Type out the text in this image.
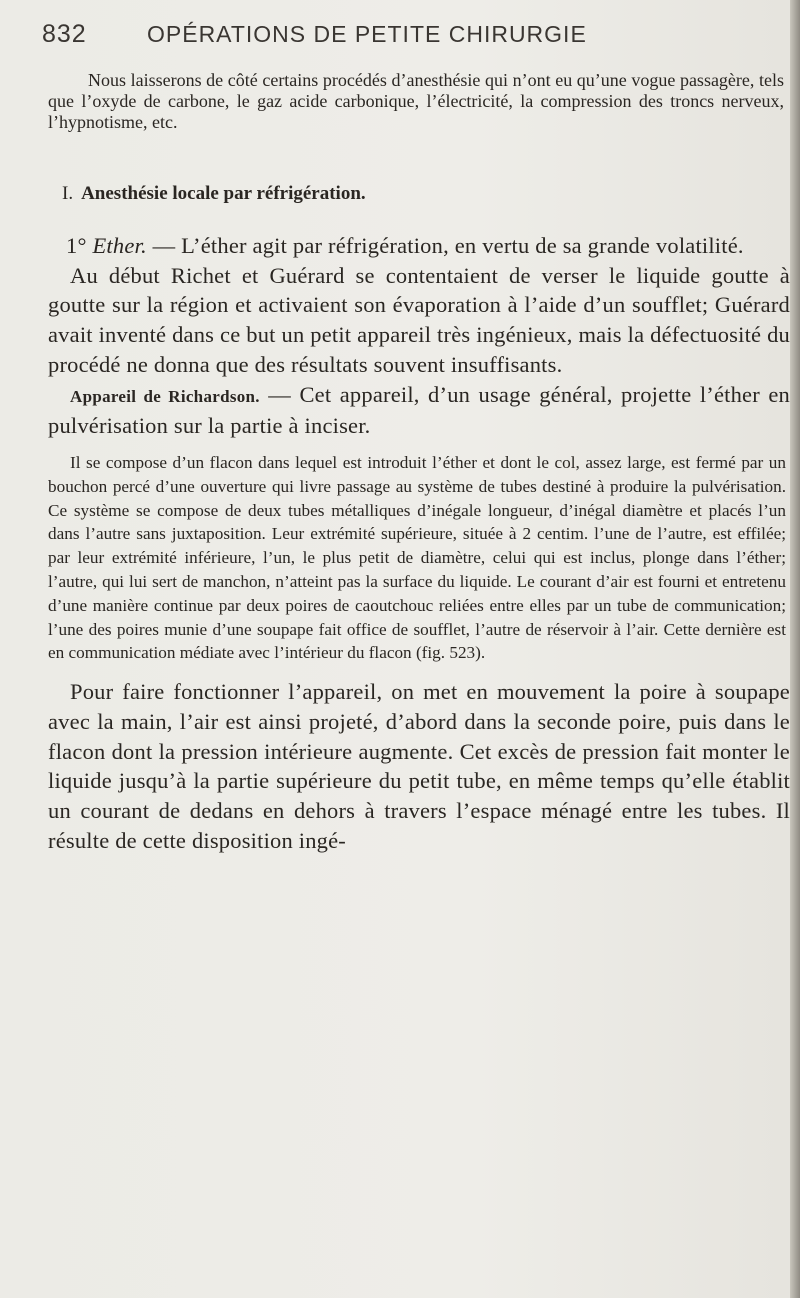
832	OPÉRATIONS DE PETITE CHIRURGIE

Nous laisserons de côté certains procédés d’anesthésie qui n’ont eu qu’une vogue passagère, tels que l’oxyde de carbone, le gaz acide carbonique, l’électricité, la compression des troncs nerveux, l’hypnotisme, etc.

I. Anesthésie locale par réfrigération.

1° Ether. — L’éther agit par réfrigération, en vertu de sa grande volatilité.

Au début Richet et Guérard se contentaient de verser le liquide goutte à goutte sur la région et activaient son évaporation à l’aide d’un soufflet; Guérard avait inventé dans ce but un petit appareil très ingénieux, mais la défectuosité du procédé ne donna que des résultats souvent insuffisants.

Appareil de Richardson. — Cet appareil, d’un usage général, projette l’éther en pulvérisation sur la partie à inciser.

Il se compose d’un flacon dans lequel est introduit l’éther et dont le col, assez large, est fermé par un bouchon percé d’une ouverture qui livre passage au système de tubes destiné à produire la pulvérisation. Ce système se compose de deux tubes métalliques d’inégale longueur, d’inégal diamètre et placés l’un dans l’autre sans juxtaposition. Leur extrémité supérieure, située à 2 centim. l’une de l’autre, est effilée; par leur extrémité inférieure, l’un, le plus petit de diamètre, celui qui est inclus, plonge dans l’éther; l’autre, qui lui sert de manchon, n’atteint pas la surface du liquide. Le courant d’air est fourni et entretenu d’une manière continue par deux poires de caoutchouc reliées entre elles par un tube de communication; l’une des poires munie d’une soupape fait office de soufflet, l’autre de réservoir à l’air. Cette dernière est en communication médiate avec l’intérieur du flacon (fig. 523).

Pour faire fonctionner l’appareil, on met en mouvement la poire à soupape avec la main, l’air est ainsi projeté, d’abord dans la seconde poire, puis dans le flacon dont la pression intérieure augmente. Cet excès de pression fait monter le liquide jusqu’à la partie supérieure du petit tube, en même temps qu’elle établit un courant de dedans en dehors à travers l’espace ménagé entre les tubes. Il résulte de cette disposition ingé-
